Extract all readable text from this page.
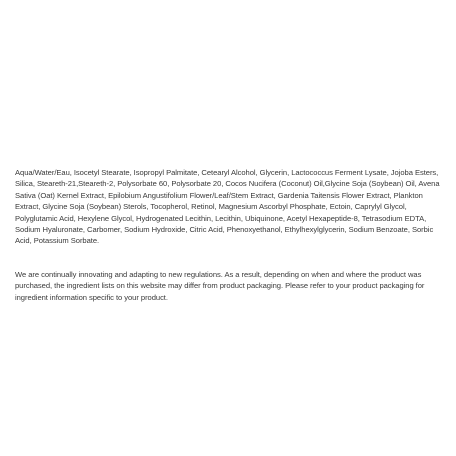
Aqua/Water/Eau, Isocetyl Stearate, Isopropyl Palmitate, Cetearyl Alcohol, Glycerin, Lactococcus Ferment Lysate, Jojoba Esters, Silica, Steareth-21,Steareth-2, Polysorbate 60, Polysorbate 20, Cocos Nucifera (Coconut) Oil,Glycine Soja (Soybean) Oil, Avena Sativa (Oat) Kernel Extract, Epilobium Angustifolium Flower/Leaf/Stem Extract, Gardenia Taitensis Flower Extract, Plankton Extract, Glycine Soja (Soybean) Sterols, Tocopherol, Retinol, Magnesium Ascorbyl Phosphate, Ectoin, Caprylyl Glycol, Polyglutamic Acid, Hexylene Glycol, Hydrogenated Lecithin, Lecithin, Ubiquinone, Acetyl Hexapeptide-8, Tetrasodium EDTA, Sodium Hyaluronate, Carbomer, Sodium Hydroxide, Citric Acid, Phenoxyethanol, Ethylhexylglycerin, Sodium Benzoate, Sorbic Acid, Potassium Sorbate.

We are continually innovating and adapting to new regulations. As a result, depending on when and where the product was purchased, the ingredient lists on this website may differ from product packaging. Please refer to your product packaging for ingredient information specific to your product.
